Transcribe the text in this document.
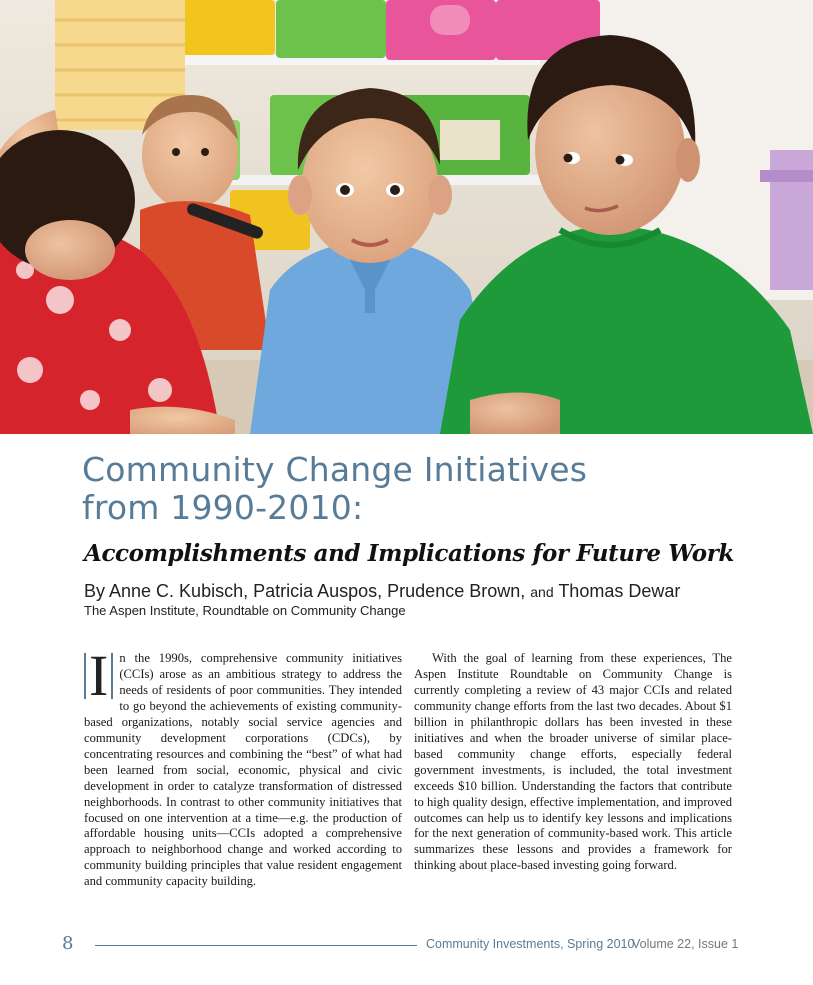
Community Change Initiatives
from 1990-2010:
Accomplishments and Implications for Future Work
By Anne C. Kubisch, Patricia Auspos, Prudence Brown, and Thomas Dewar
The Aspen Institute, Roundtable on Community Change
I n the 1990s, comprehensive community initiatives (CCIs) arose as an ambitious strategy to address the needs of residents of poor communities. They intended to go beyond the achievements of existing community-based organizations, notably social service agencies and community development corporations (CDCs), by concentrating resources and combining the “best” of what had been learned from social, economic, physical and civic development in order to catalyze transformation of distressed neighborhoods. In contrast to other community initiatives that focused on one intervention at a time—e.g. the production of affordable housing units—CCIs adopted a comprehensive approach to neighborhood change and worked according to community building principles that value resident engagement and community capacity building.

With the goal of learning from these experiences, The Aspen Institute Roundtable on Community Change is currently completing a review of 43 major CCIs and related community change efforts from the last two decades. About $1 billion in philanthropic dollars has been invested in these initiatives and when the broader universe of similar place-based community change efforts, especially federal government investments, is included, the total investment exceeds $10 billion. Understanding the factors that contribute to high quality design, effective implementation, and improved outcomes can help us to identify key lessons and implications for the next generation of community-based work. This article summarizes these lessons and provides a framework for thinking about place-based investing going forward.

8	Community Investments, Spring 2010
Volume 22, Issue 1
